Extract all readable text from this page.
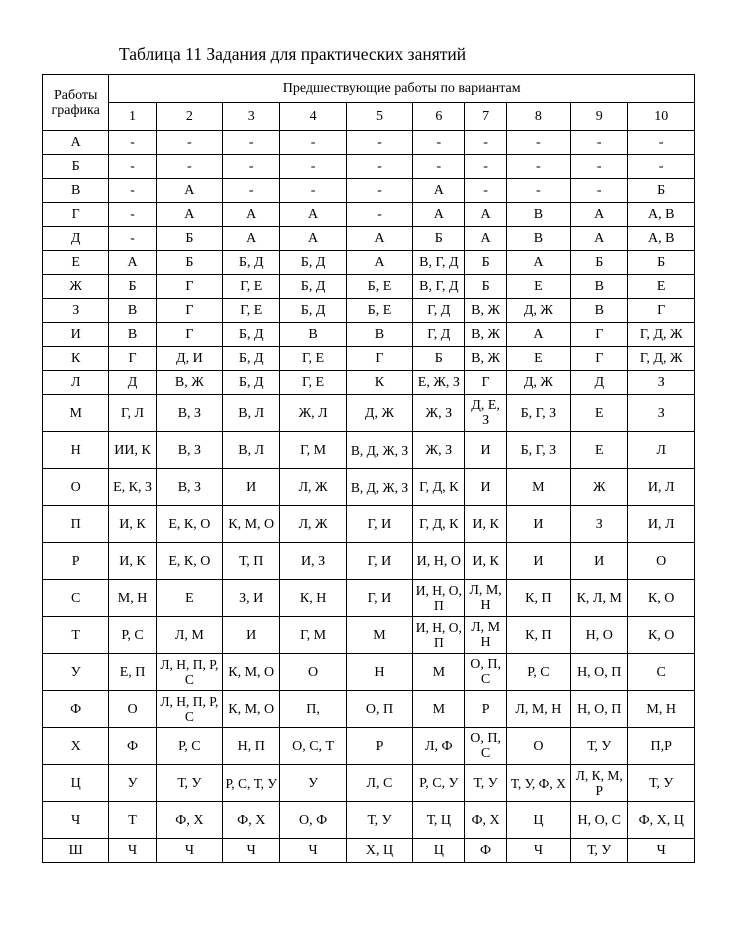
Таблица 11 Задания для практических занятий
Работы графика	Предшествующие работы по вариантам									
	1	2	3	4	5	6	7	8	9	10
А	-	-	-	-	-	-	-	-	-	-
Б	-	-	-	-	-	-	-	-	-	-
В	-	А	-	-	-	А	-	-	-	Б
Г	-	А	А	А	-	А	А	В	А	А, В
Д	-	Б	А	А	А	Б	А	В	А	А, В
Е	А	Б	Б, Д	Б, Д	А	В, Г, Д	Б	А	Б	Б
Ж	Б	Г	Г, Е	Б, Д	Б, Е	В, Г, Д	Б	Е	В	Е
З	В	Г	Г, Е	Б, Д	Б, Е	Г, Д	В, Ж	Д, Ж	В	Г
И	В	Г	Б, Д	В	В	Г, Д	В, Ж	А	Г	Г, Д, Ж
К	Г	Д, И	Б, Д	Г, Е	Г	Б	В, Ж	Е	Г	Г, Д, Ж
Л	Д	В, Ж	Б, Д	Г, Е	К	Е, Ж, З	Г	Д, Ж	Д	З
М	Г, Л	В, З	В, Л	Ж, Л	Д, Ж	Ж, З	Д, Е, З	Б, Г, З	Е	З
Н	ИИ, К	В, З	В, Л	Г, М	В, Д, Ж, З	Ж, З	И	Б, Г, З	Е	Л
О	Е, К, З	В, З	И	Л, Ж	В, Д, Ж, З	Г, Д, К	И	М	Ж	И, Л
П	И, К	Е, К, О	К, М, О	Л, Ж	Г, И	Г, Д, К	И, К	И	З	И, Л
Р	И, К	Е, К, О	Т, П	И, З	Г, И	И, Н, О	И, К	И	И	О
С	М, Н	Е	З, И	К, Н	Г, И	И, Н, О, П	Л, М, Н	К, П	К, Л, М	К, О
Т	Р, С	Л, М	И	Г, М	М	И, Н, О, П	Л, М Н	К, П	Н, О	К, О
У	Е, П	Л, Н, П, Р, С	К, М, О	О	Н	М	О, П, С	Р, С	Н, О, П	С
Ф	О	Л, Н, П, Р, С	К, М, О	П,	О, П	М	Р	Л, М, Н	Н, О, П	М, Н
Х	Ф	Р, С	Н, П	О, С, Т	Р	Л, Ф	О, П, С	О	Т, У	П,Р
Ц	У	Т, У	Р, С, Т, У	У	Л, С	Р, С, У	Т, У	Т, У, Ф, Х	Л, К, М, Р	Т, У
Ч	Т	Ф, Х	Ф, Х	О, Ф	Т, У	Т, Ц	Ф, Х	Ц	Н, О, С	Ф, Х, Ц
Ш	Ч	Ч	Ч	Ч	Х, Ц	Ц	Ф	Ч	Т, У	Ч
